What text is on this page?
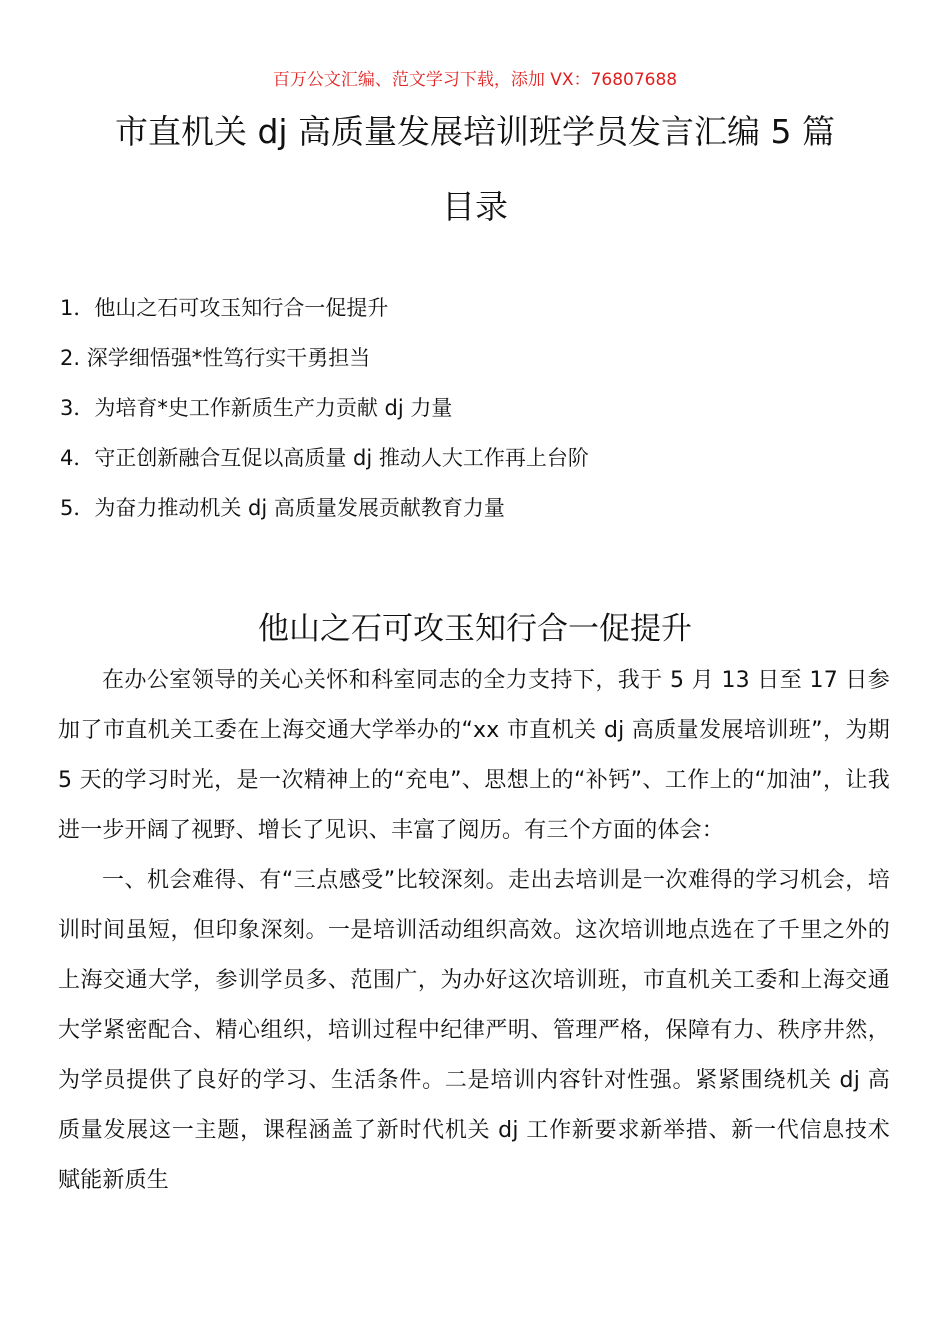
百万公文汇编、范文学习下载，添加 VX：76807688
市直机关 dj 高质量发展培训班学员发言汇编 5 篇
目录
1．他山之石可攻玉知行合一促提升
2. 深学细悟强*性笃行实干勇担当
3．为培育*史工作新质生产力贡献 dj 力量
4．守正创新融合互促以高质量 dj 推动人大工作再上台阶
5．为奋力推动机关 dj 高质量发展贡献教育力量
他山之石可攻玉知行合一促提升

在办公室领导的关心关怀和科室同志的全力支持下，我于 5 月 13 日至 17 日参加了市直机关工委在上海交通大学举办的“xx 市直机关 dj 高质量发展培训班”，为期 5 天的学习时光，是一次精神上的“充电”、思想上的“补钙”、工作上的“加油”，让我进一步开阔了视野、增长了见识、丰富了阅历。有三个方面的体会：

一、机会难得、有“三点感受”比较深刻。走出去培训是一次难得的学习机会，培训时间虽短，但印象深刻。一是培训活动组织高效。这次培训地点选在了千里之外的上海交通大学，参训学员多、范围广，为办好这次培训班，市直机关工委和上海交通大学紧密配合、精心组织，培训过程中纪律严明、管理严格，保障有力、秩序井然，为学员提供了良好的学习、生活条件。二是培训内容针对性强。紧紧围绕机关 dj 高质量发展这一主题，课程涵盖了新时代机关 dj 工作新要求新举措、新一代信息技术赋能新质生
